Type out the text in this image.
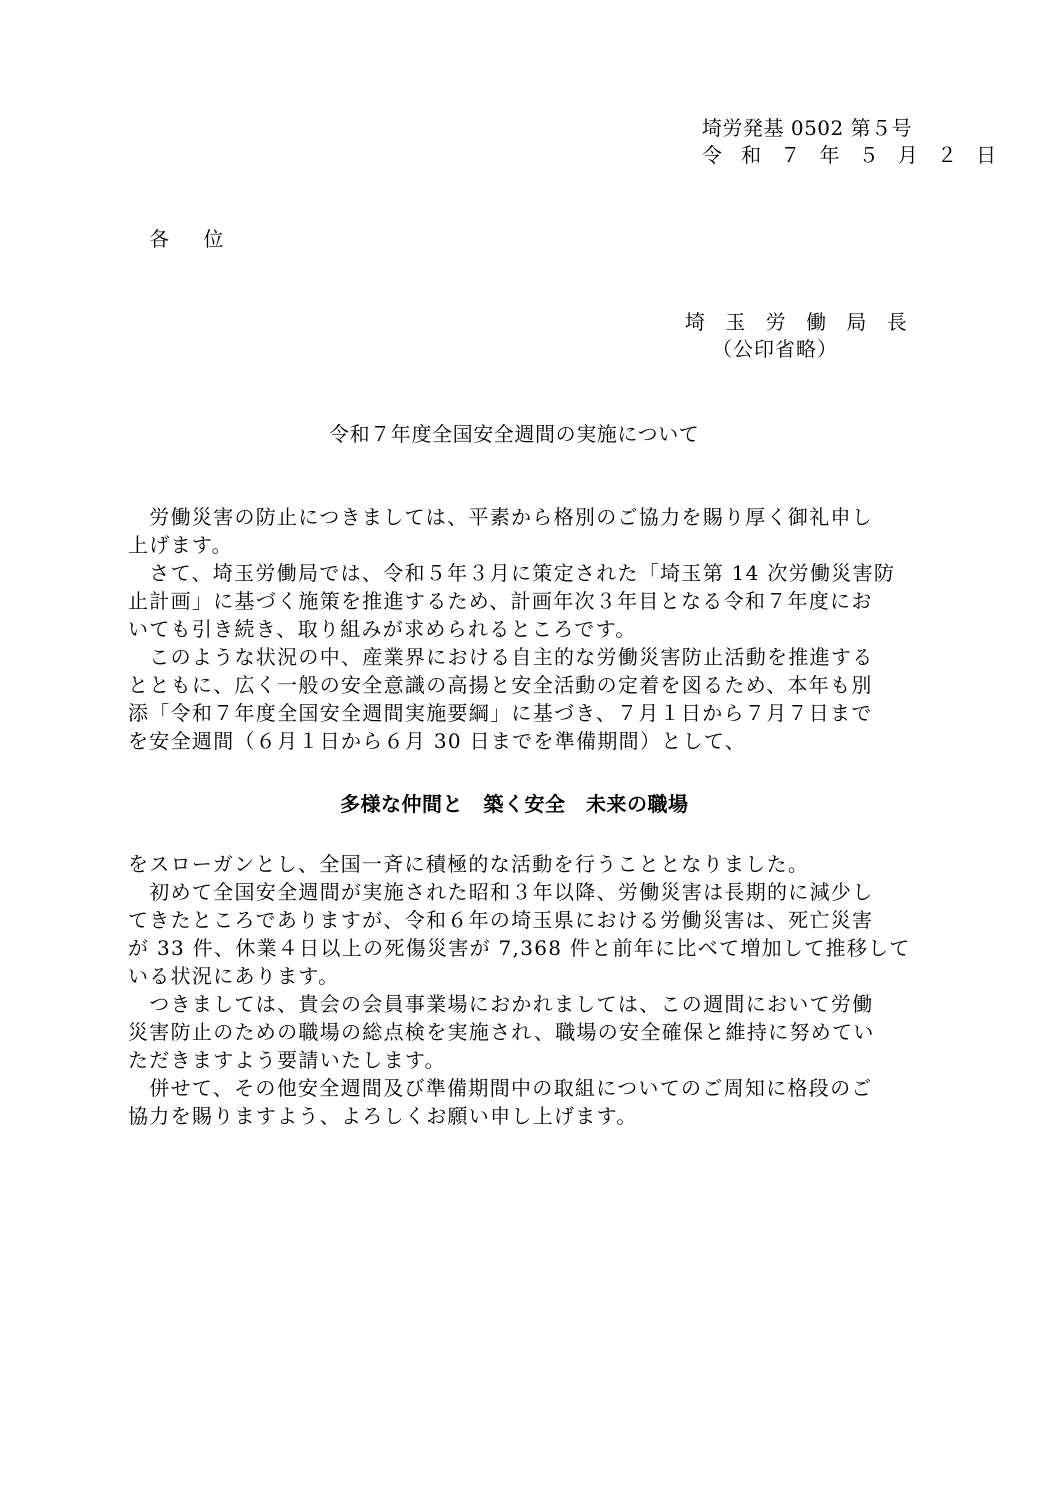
埼労発基 0502 第５号
令 和 ７ 年 ５ 月 ２ 日
各 位
埼 玉 労 働 局 長
（公印省略）
令和７年度全国安全週間の実施について

　労働災害の防止につきましては、平素から格別のご協力を賜り厚く御礼申し

上げます。

　さて、埼玉労働局では、令和５年３月に策定された「埼玉第 14 次労働災害防

止計画」に基づく施策を推進するため、計画年次３年目となる令和７年度にお

いても引き続き、取り組みが求められるところです。

　このような状況の中、産業界における自主的な労働災害防止活動を推進する

とともに、広く一般の安全意識の高揚と安全活動の定着を図るため、本年も別

添「令和７年度全国安全週間実施要綱」に基づき、７月１日から７月７日まで

を安全週間（６月１日から６月 30 日までを準備期間）として、

多様な仲間と　築く安全　未来の職場

をスローガンとし、全国一斉に積極的な活動を行うこととなりました。

　初めて全国安全週間が実施された昭和３年以降、労働災害は長期的に減少し

てきたところでありますが、令和６年の埼玉県における労働災害は、死亡災害

が 33 件、休業４日以上の死傷災害が 7,368 件と前年に比べて増加して推移して

いる状況にあります。

　つきましては、貴会の会員事業場におかれましては、この週間において労働

災害防止のための職場の総点検を実施され、職場の安全確保と維持に努めてい

ただきますよう要請いたします。

　併せて、その他安全週間及び準備期間中の取組についてのご周知に格段のご

協力を賜りますよう、よろしくお願い申し上げます。
